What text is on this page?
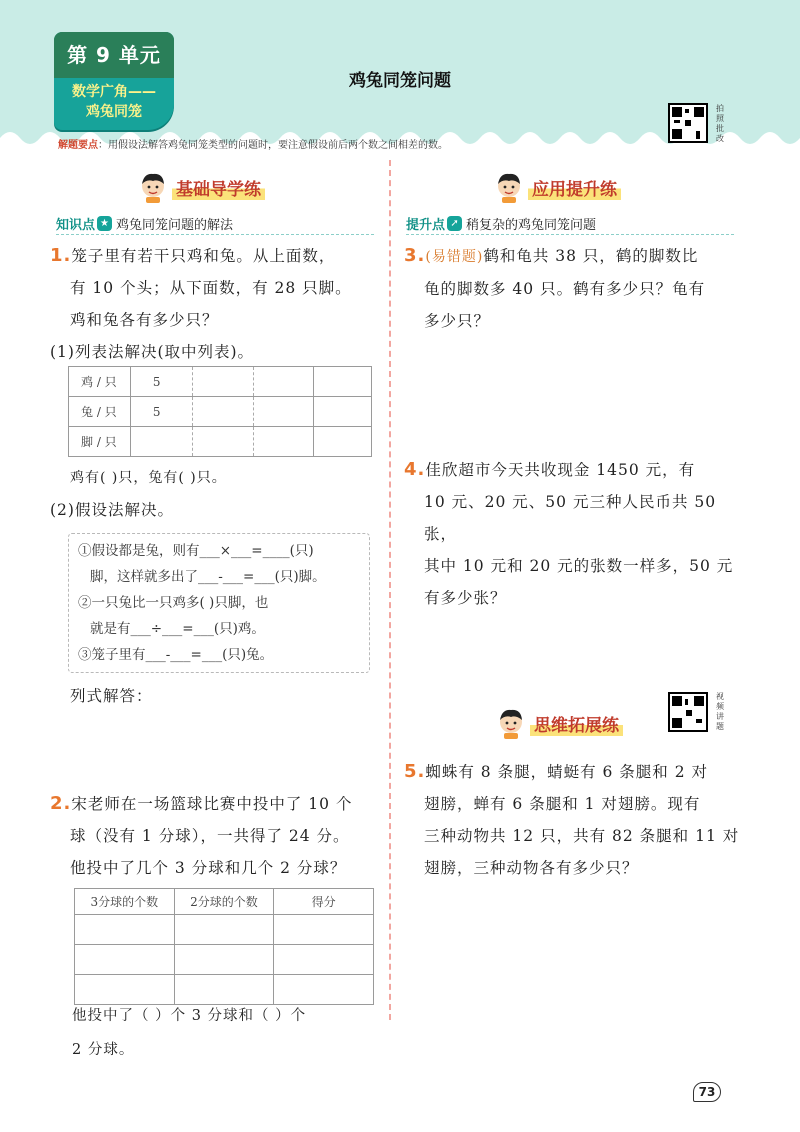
第 9 单元
数学广角——
鸡兔同笼
鸡兔同笼问题
拍照批改
解题要点：用假设法解答鸡兔同笼类型的问题时，要注意假设前后两个数之间相差的数。
基础导学练
知识点 ★ 鸡兔同笼问题的解法
1.笼子里有若干只鸡和兔。从上面数，
有 10 个头；从下面数，有 28 只脚。
鸡和兔各有多少只？
(1)列表法解决(取中列表)。
鸡 / 只	5			
兔 / 只	5			
脚 / 只				
鸡有( )只，兔有( )只。
(2)假设法解决。
①假设都是兔，则有___×___=____(只)
脚，这样就多出了___-___=___(只)脚。
②一只兔比一只鸡多( )只脚，也
就是有___÷___=___(只)鸡。
③笼子里有___-___=___(只)兔。
列式解答：
2.宋老师在一场篮球比赛中投中了 10 个
球（没有 1 分球），一共得了 24 分。
他投中了几个 3 分球和几个 2 分球？
3分球的个数	2分球的个数	得分

他投中了（ ）个 3 分球和（ ）个
2 分球。
应用提升练
提升点 ➚ 稍复杂的鸡兔同笼问题
3.(易错题)鹤和龟共 38 只，鹤的脚数比
龟的脚数多 40 只。鹤有多少只？龟有
多少只？
4.佳欣超市今天共收现金 1450 元，有
10 元、20 元、50 元三种人民币共 50 张，
其中 10 元和 20 元的张数一样多，50 元
有多少张？
思维拓展练
视频讲题
5.蜘蛛有 8 条腿，蜻蜓有 6 条腿和 2 对
翅膀，蝉有 6 条腿和 1 对翅膀。现有
三种动物共 12 只，共有 82 条腿和 11 对
翅膀，三种动物各有多少只？
73
